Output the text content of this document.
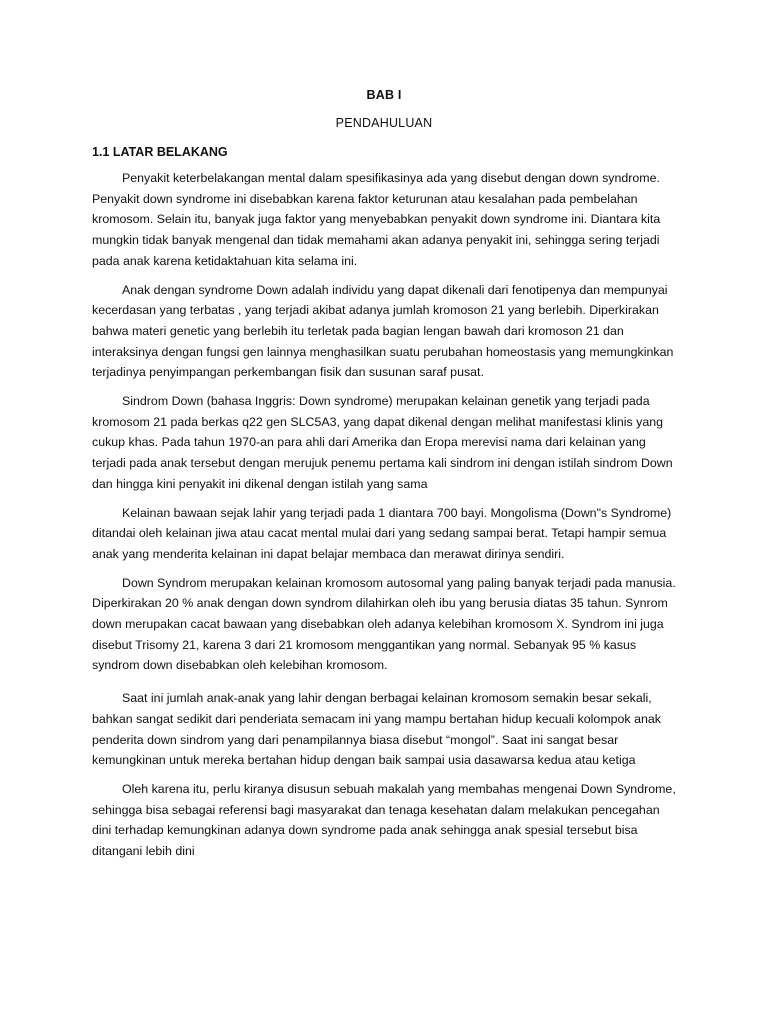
BAB I
PENDAHULUAN
1.1 LATAR BELAKANG

Penyakit keterbelakangan mental dalam spesifikasinya ada yang disebut dengan down syndrome. Penyakit down syndrome ini disebabkan karena faktor keturunan atau kesalahan pada pembelahan kromosom. Selain itu, banyak juga faktor yang menyebabkan penyakit down syndrome ini. Diantara kita mungkin tidak banyak mengenal dan tidak memahami akan adanya penyakit ini, sehingga sering terjadi pada anak karena ketidaktahuan kita selama ini.

Anak dengan syndrome Down adalah individu yang dapat dikenali dari fenotipenya dan mempunyai kecerdasan yang terbatas , yang terjadi akibat adanya jumlah kromoson 21 yang berlebih. Diperkirakan bahwa materi genetic yang berlebih itu terletak pada bagian lengan bawah dari kromoson 21 dan interaksinya dengan fungsi gen lainnya menghasilkan suatu perubahan homeostasis yang memungkinkan terjadinya penyimpangan perkembangan fisik dan susunan saraf pusat.

Sindrom Down (bahasa Inggris: Down syndrome) merupakan kelainan genetik yang terjadi pada kromosom 21 pada berkas q22 gen SLC5A3, yang dapat dikenal dengan melihat manifestasi klinis yang cukup khas. Pada tahun 1970-an para ahli dari Amerika dan Eropa merevisi nama dari kelainan yang terjadi pada anak tersebut dengan merujuk penemu pertama kali sindrom ini dengan istilah sindrom Down dan hingga kini penyakit ini dikenal dengan istilah yang sama

Kelainan bawaan sejak lahir yang terjadi pada 1 diantara 700 bayi. Mongolisma (Down"s Syndrome) ditandai oleh kelainan jiwa atau cacat mental mulai dari yang sedang sampai berat. Tetapi hampir semua anak yang menderita kelainan ini dapat belajar membaca dan merawat dirinya sendiri.

Down Syndrom merupakan kelainan kromosom autosomal yang paling banyak terjadi pada manusia. Diperkirakan 20 % anak dengan down syndrom dilahirkan oleh ibu yang berusia diatas 35 tahun. Synrom down merupakan cacat bawaan yang disebabkan oleh adanya kelebihan kromosom X. Syndrom ini juga disebut Trisomy 21, karena 3 dari 21 kromosom menggantikan yang normal. Sebanyak 95 % kasus syndrom down disebabkan oleh kelebihan kromosom.

Saat ini jumlah anak-anak yang lahir dengan berbagai kelainan kromosom semakin besar sekali, bahkan sangat sedikit dari penderiata semacam ini yang mampu bertahan hidup kecuali kolompok anak penderita down sindrom yang dari penampilannya biasa disebut “mongol”. Saat ini sangat besar kemungkinan untuk mereka bertahan hidup dengan baik sampai usia dasawarsa kedua atau ketiga

Oleh karena itu, perlu kiranya disusun sebuah makalah yang membahas mengenai Down Syndrome, sehingga bisa sebagai referensi bagi masyarakat dan tenaga kesehatan dalam melakukan pencegahan dini terhadap kemungkinan adanya down syndrome pada anak sehingga anak spesial tersebut bisa ditangani lebih dini
